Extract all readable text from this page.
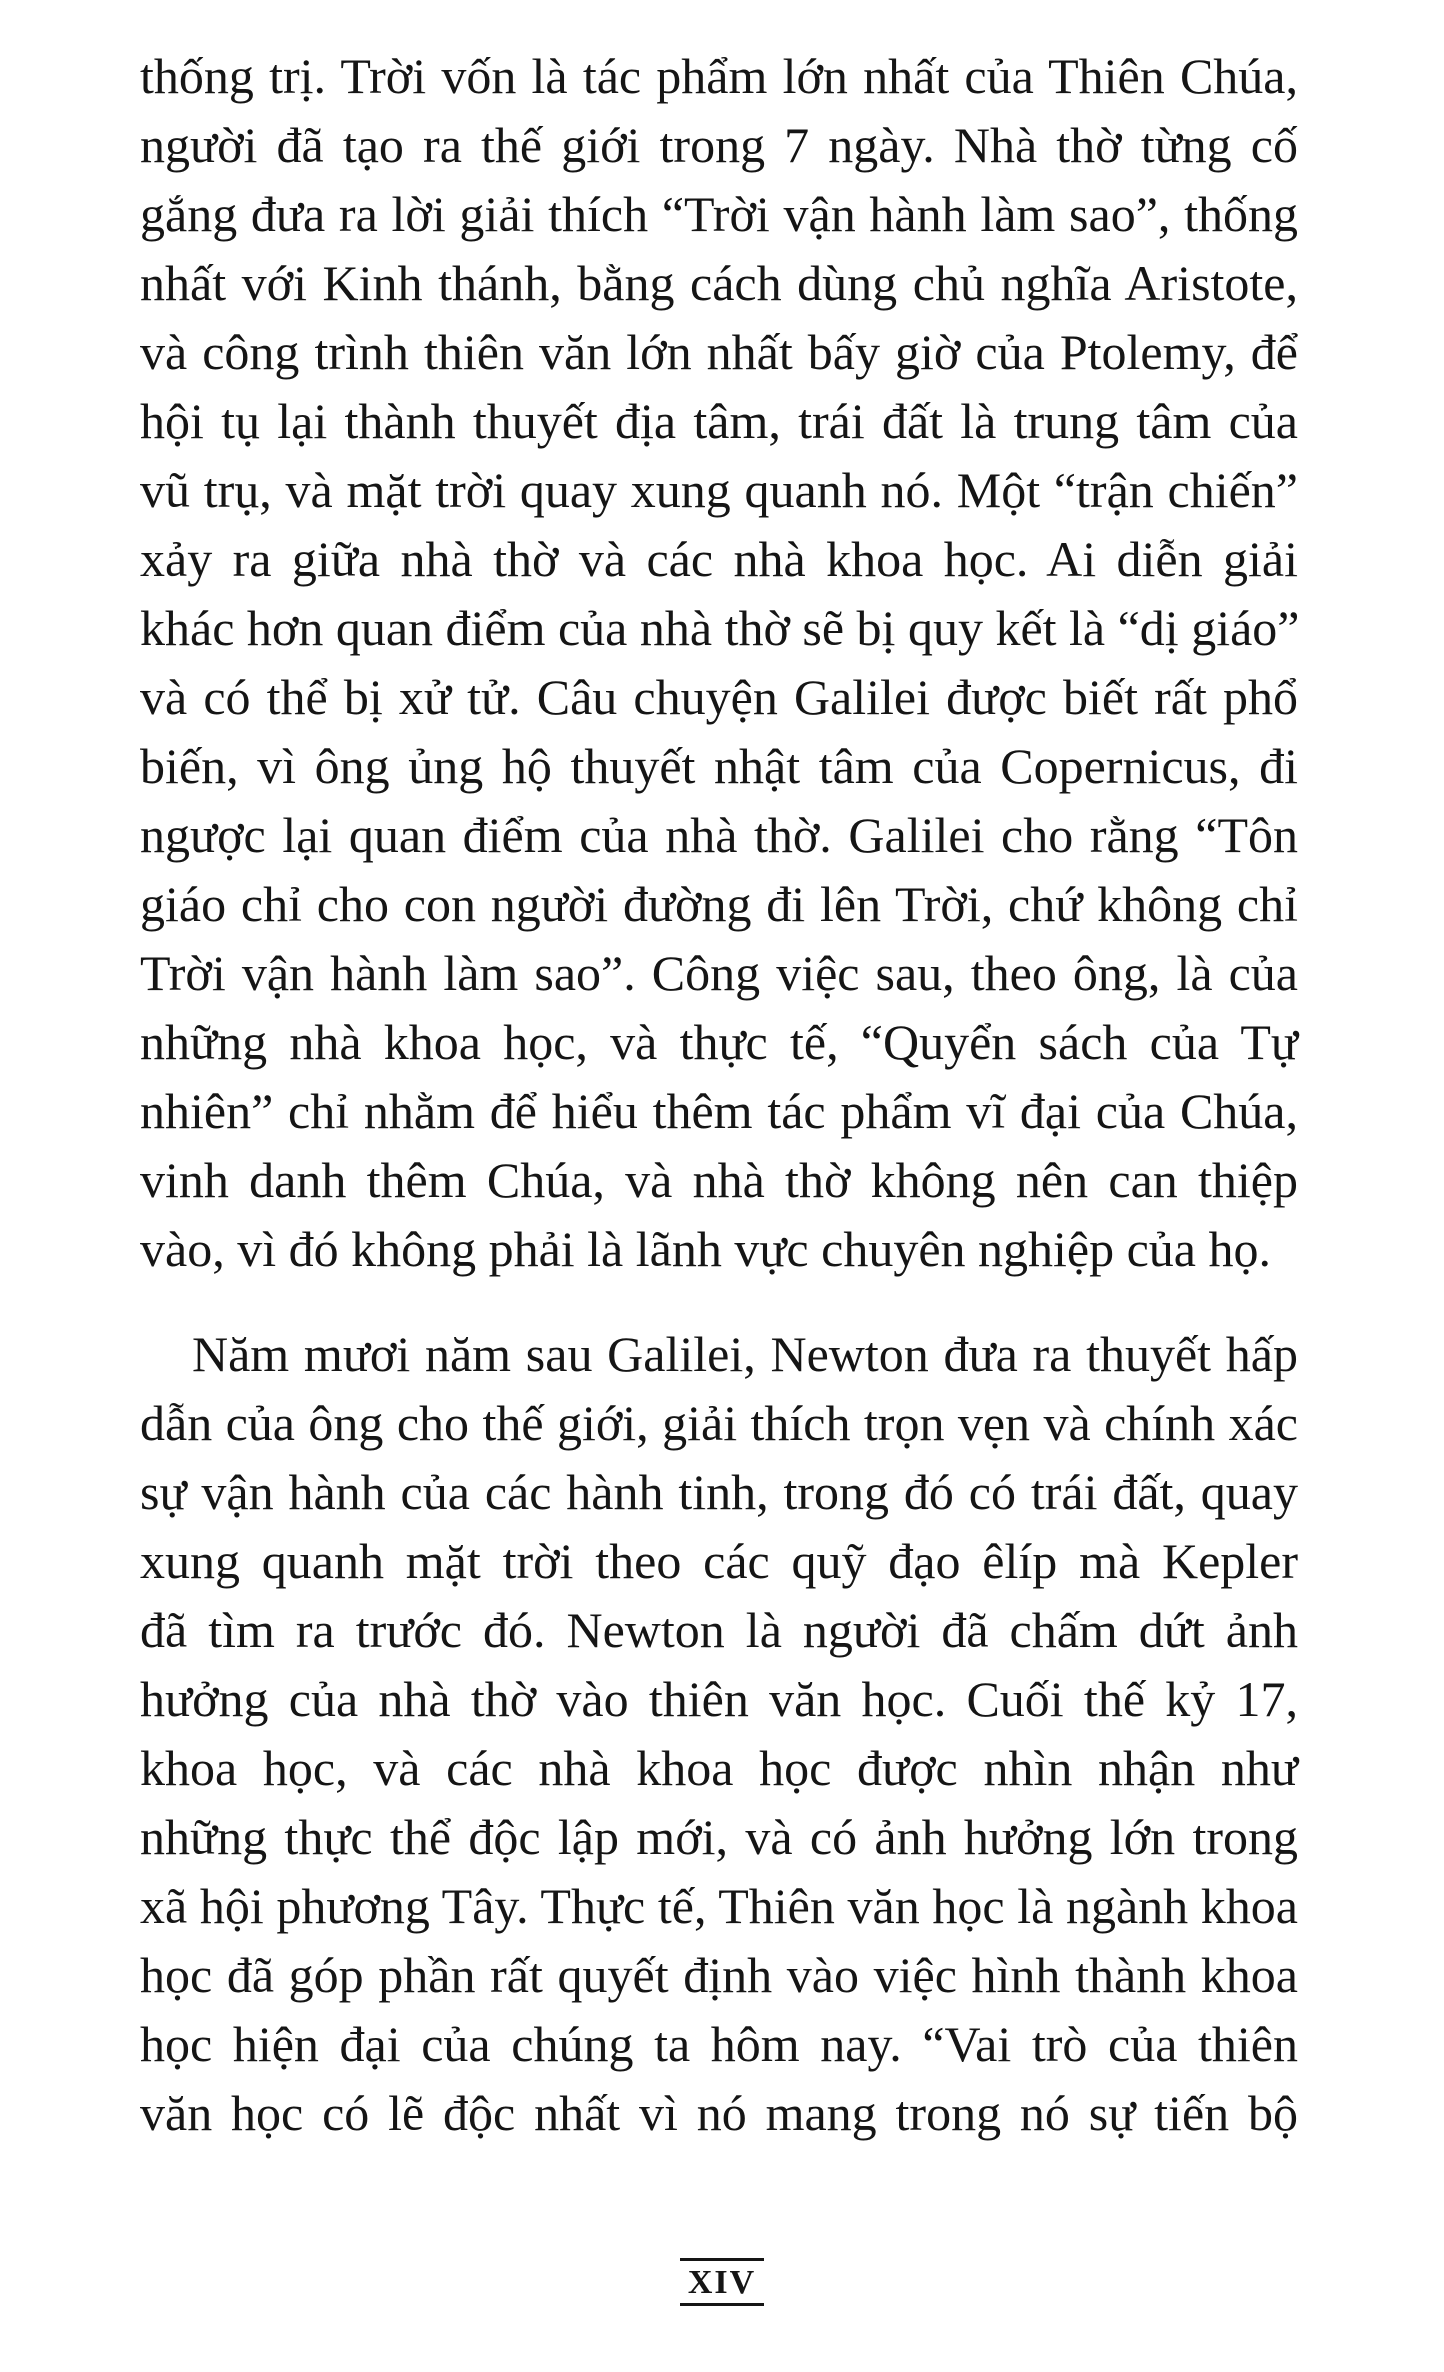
thống trị. Trời vốn là tác phẩm lớn nhất của Thiên Chúa,
người đã tạo ra thế giới trong 7 ngày. Nhà thờ từng cố
gắng đưa ra lời giải thích “Trời vận hành làm sao”, thống
nhất với Kinh thánh, bằng cách dùng chủ nghĩa Aristote,
và công trình thiên văn lớn nhất bấy giờ của Ptolemy, để
hội tụ lại thành thuyết địa tâm, trái đất là trung tâm của
vũ trụ, và mặt trời quay xung quanh nó. Một “trận chiến”
xảy ra giữa nhà thờ và các nhà khoa học. Ai diễn giải
khác hơn quan điểm của nhà thờ sẽ bị quy kết là “dị giáo”
và có thể bị xử tử. Câu chuyện Galilei được biết rất phổ
biến, vì ông ủng hộ thuyết nhật tâm của Copernicus, đi
ngược lại quan điểm của nhà thờ. Galilei cho rằng “Tôn
giáo chỉ cho con người đường đi lên Trời, chứ không chỉ
Trời vận hành làm sao”. Công việc sau, theo ông, là của
những nhà khoa học, và thực tế, “Quyển sách của Tự
nhiên” chỉ nhằm để hiểu thêm tác phẩm vĩ đại của Chúa,
vinh danh thêm Chúa, và nhà thờ không nên can thiệp
vào, vì đó không phải là lãnh vực chuyên nghiệp của họ.
Năm mươi năm sau Galilei, Newton đưa ra thuyết hấp
dẫn của ông cho thế giới, giải thích trọn vẹn và chính xác
sự vận hành của các hành tinh, trong đó có trái đất, quay
xung quanh mặt trời theo các quỹ đạo êlíp mà Kepler
đã tìm ra trước đó. Newton là người đã chấm dứt ảnh
hưởng của nhà thờ vào thiên văn học. Cuối thế kỷ 17,
khoa học, và các nhà khoa học được nhìn nhận như
những thực thể độc lập mới, và có ảnh hưởng lớn trong
xã hội phương Tây. Thực tế, Thiên văn học là ngành khoa
học đã góp phần rất quyết định vào việc hình thành khoa
học hiện đại của chúng ta hôm nay. “Vai trò của thiên
văn học có lẽ độc nhất vì nó mang trong nó sự tiến bộ
XIV
